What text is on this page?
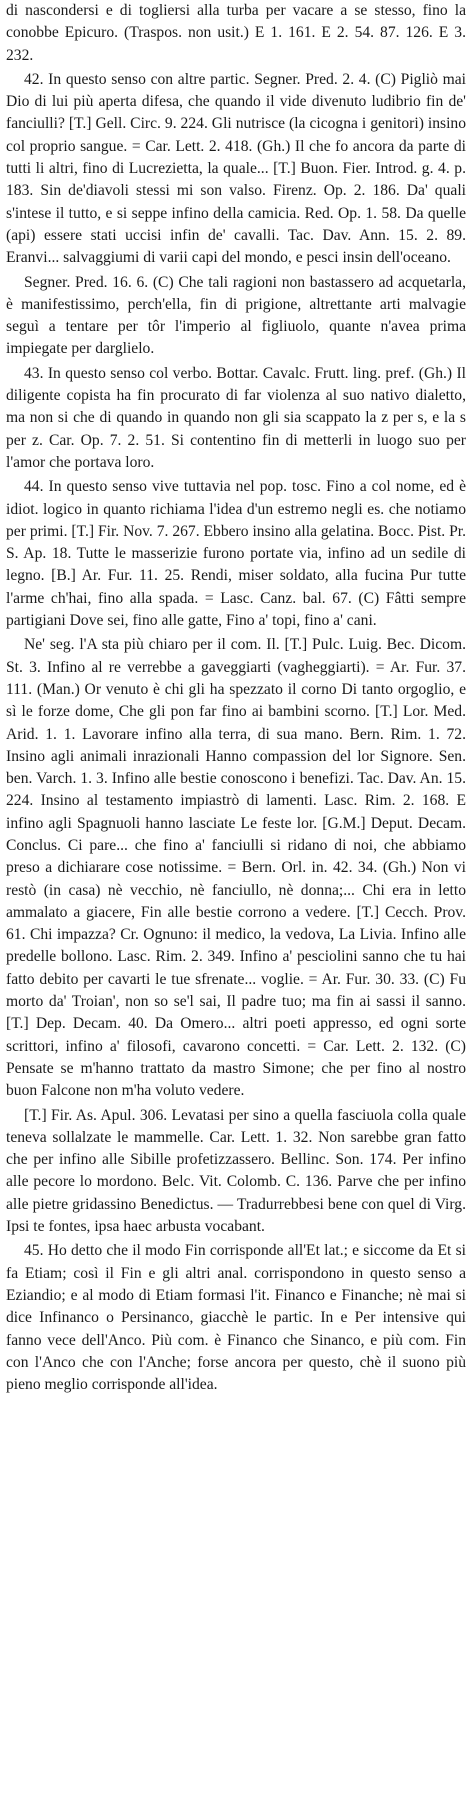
di nascondersi e di togliersi alla turba per vacare a se stesso, fino la conobbe Epicuro. (Traspos. non usit.) E 1. 161. E 2. 54. 87. 126. E 3. 232.

42. In questo senso con altre partic. Segner. Pred. 2. 4. (C) Pigliò mai Dio di lui più aperta difesa, che quando il vide divenuto ludibrio fin de' fanciulli? [T.] Gell. Circ. 9. 224. Gli nutrisce (la cicogna i genitori) insino col proprio sangue. = Car. Lett. 2. 418. (Gh.) Il che fo ancora da parte di tutti li altri, fino di Lucrezietta, la quale... [T.] Buon. Fier. Introd. g. 4. p. 183. Sin de'diavoli stessi mi son valso. Firenz. Op. 2. 186. Da' quali s'intese il tutto, e si seppe infino della camicia. Red. Op. 1. 58. Da quelle (api) essere stati uccisi infin de' cavalli. Tac. Dav. Ann. 15. 2. 89. Eranvi... salvaggiumi di varii capi del mondo, e pesci insin dell'oceano.

Segner. Pred. 16. 6. (C) Che tali ragioni non bastassero ad acquetarla, è manifestissimo, perch'ella, fin di prigione, altrettante arti malvagie seguì a tentare per tôr l'imperio al figliuolo, quante n'avea prima impiegate per darglielo.

43. In questo senso col verbo. Bottar. Cavalc. Frutt. ling. pref. (Gh.) Il diligente copista ha fin procurato di far violenza al suo nativo dialetto, ma non si che di quando in quando non gli sia scappato la z per s, e la s per z. Car. Op. 7. 2. 51. Si contentino fin di metterli in luogo suo per l'amor che portava loro.

44. In questo senso vive tuttavia nel pop. tosc. Fino a col nome, ed è idiot. logico in quanto richiama l'idea d'un estremo negli es. che notiamo per primi. [T.] Fir. Nov. 7. 267. Ebbero insino alla gelatina. Bocc. Pist. Pr. S. Ap. 18. Tutte le masserizie furono portate via, infino ad un sedile di legno. [B.] Ar. Fur. 11. 25. Rendi, miser soldato, alla fucina Pur tutte l'arme ch'hai, fino alla spada. = Lasc. Canz. bal. 67. (C) Fâtti sempre partigiani Dove sei, fino alle gatte, Fino a' topi, fino a' cani.

Ne' seg. l'A sta più chiaro per il com. Il. [T.] Pulc. Luig. Bec. Dicom. St. 3. Infino al re verrebbe a gaveggiarti (vagheggiarti). = Ar. Fur. 37. 111. (Man.) Or venuto è chi gli ha spezzato il corno Di tanto orgoglio, e sì le forze dome, Che gli pon far fino ai bambini scorno. [T.] Lor. Med. Arid. 1. 1. Lavorare infino alla terra, di sua mano. Bern. Rim. 1. 72. Insino agli animali inrazionali Hanno compassion del lor Signore. Sen. ben. Varch. 1. 3. Infino alle bestie conoscono i benefizi. Tac. Dav. An. 15. 224. Insino al testamento impiastrò di lamenti. Lasc. Rim. 2. 168. E infino agli Spagnuoli hanno lasciate Le feste lor. [G.M.] Deput. Decam. Conclus. Ci pare... che fino a' fanciulli si ridano di noi, che abbiamo preso a dichiarare cose notissime. = Bern. Orl. in. 42. 34. (Gh.) Non vi restò (in casa) nè vecchio, nè fanciullo, nè donna;... Chi era in letto ammalato a giacere, Fin alle bestie corrono a vedere. [T.] Cecch. Prov. 61. Chi impazza? Cr. Ognuno: il medico, la vedova, La Livia. Infino alle predelle bollono. Lasc. Rim. 2. 349. Infino a' pesciolini sanno che tu hai fatto debito per cavarti le tue sfrenate... voglie. = Ar. Fur. 30. 33. (C) Fu morto da' Troian', non so se'l sai, Il padre tuo; ma fin ai sassi il sanno. [T.] Dep. Decam. 40. Da Omero... altri poeti appresso, ed ogni sorte scrittori, infino a' filosofi, cavarono concetti. = Car. Lett. 2. 132. (C) Pensate se m'hanno trattato da mastro Simone; che per fino al nostro buon Falcone non m'ha voluto vedere.

[T.] Fir. As. Apul. 306. Levatasi per sino a quella fasciuola colla quale teneva sollalzate le mammelle. Car. Lett. 1. 32. Non sarebbe gran fatto che per infino alle Sibille profetizzassero. Bellinc. Son. 174. Per infino alle pecore lo mordono. Belc. Vit. Colomb. C. 136. Parve che per infino alle pietre gridassino Benedictus. — Tradurrebbesi bene con quel di Virg. Ipsi te fontes, ipsa haec arbusta vocabant.

45. Ho detto che il modo Fin corrisponde all'Et lat.; e siccome da Et si fa Etiam; così il Fin e gli altri anal. corrispondono in questo senso a Eziandio; e al modo di Etiam formasi l'it. Financo e Finanche; nè mai si dice Infinanco o Persinanco, giacchè le partic. In e Per intensive qui fanno vece dell'Anco. Più com. è Financo che Sinanco, e più com. Fin con l'Anco che con l'Anche; forse ancora per questo, chè il suono più pieno meglio corrisponde all'idea.
